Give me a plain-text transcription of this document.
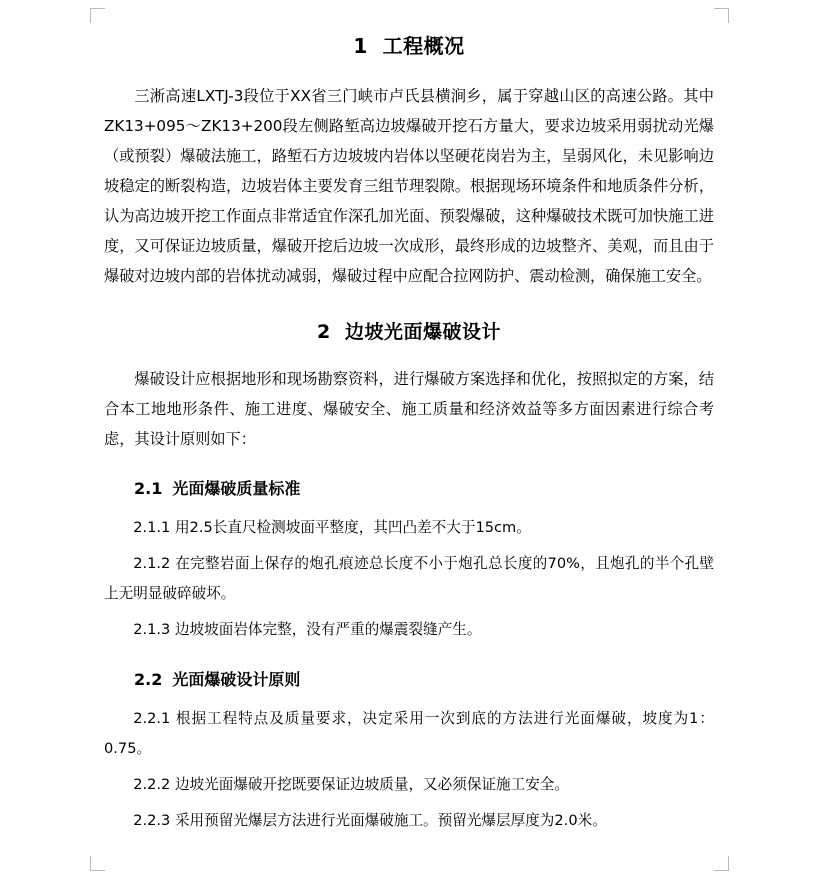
1 工程概况

三淅高速LXTJ-3段位于XX省三门峡市卢氏县横涧乡，属于穿越山区的高速公路。其中ZK13+095～ZK13+200段左侧路堑高边坡爆破开挖石方量大，要求边坡采用弱扰动光爆（或预裂）爆破法施工，路堑石方边坡坡内岩体以坚硬花岗岩为主，呈弱风化，未见影响边坡稳定的断裂构造，边坡岩体主要发育三组节理裂隙。根据现场环境条件和地质条件分析，认为高边坡开挖工作面点非常适宜作深孔加光面、预裂爆破，这种爆破技术既可加快施工进度，又可保证边坡质量，爆破开挖后边坡一次成形，最终形成的边坡整齐、美观，而且由于爆破对边坡内部的岩体扰动减弱，爆破过程中应配合拉网防护、震动检测，确保施工安全。

2 边坡光面爆破设计

爆破设计应根据地形和现场勘察资料，进行爆破方案选择和优化，按照拟定的方案，结合本工地地形条件、施工进度、爆破安全、施工质量和经济效益等多方面因素进行综合考虑，其设计原则如下：

2.1 光面爆破质量标准

2.1.1 用2.5长直尺检测坡面平整度，其凹凸差不大于15cm。

2.1.2 在完整岩面上保存的炮孔痕迹总长度不小于炮孔总长度的70%，且炮孔的半个孔壁上无明显破碎破坏。

2.1.3 边坡坡面岩体完整，没有严重的爆震裂缝产生。

2.2 光面爆破设计原则

2.2.1 根据工程特点及质量要求，决定采用一次到底的方法进行光面爆破，坡度为1：0.75。

2.2.2 边坡光面爆破开挖既要保证边坡质量，又必须保证施工安全。

2.2.3 采用预留光爆层方法进行光面爆破施工。预留光爆层厚度为2.0米。
